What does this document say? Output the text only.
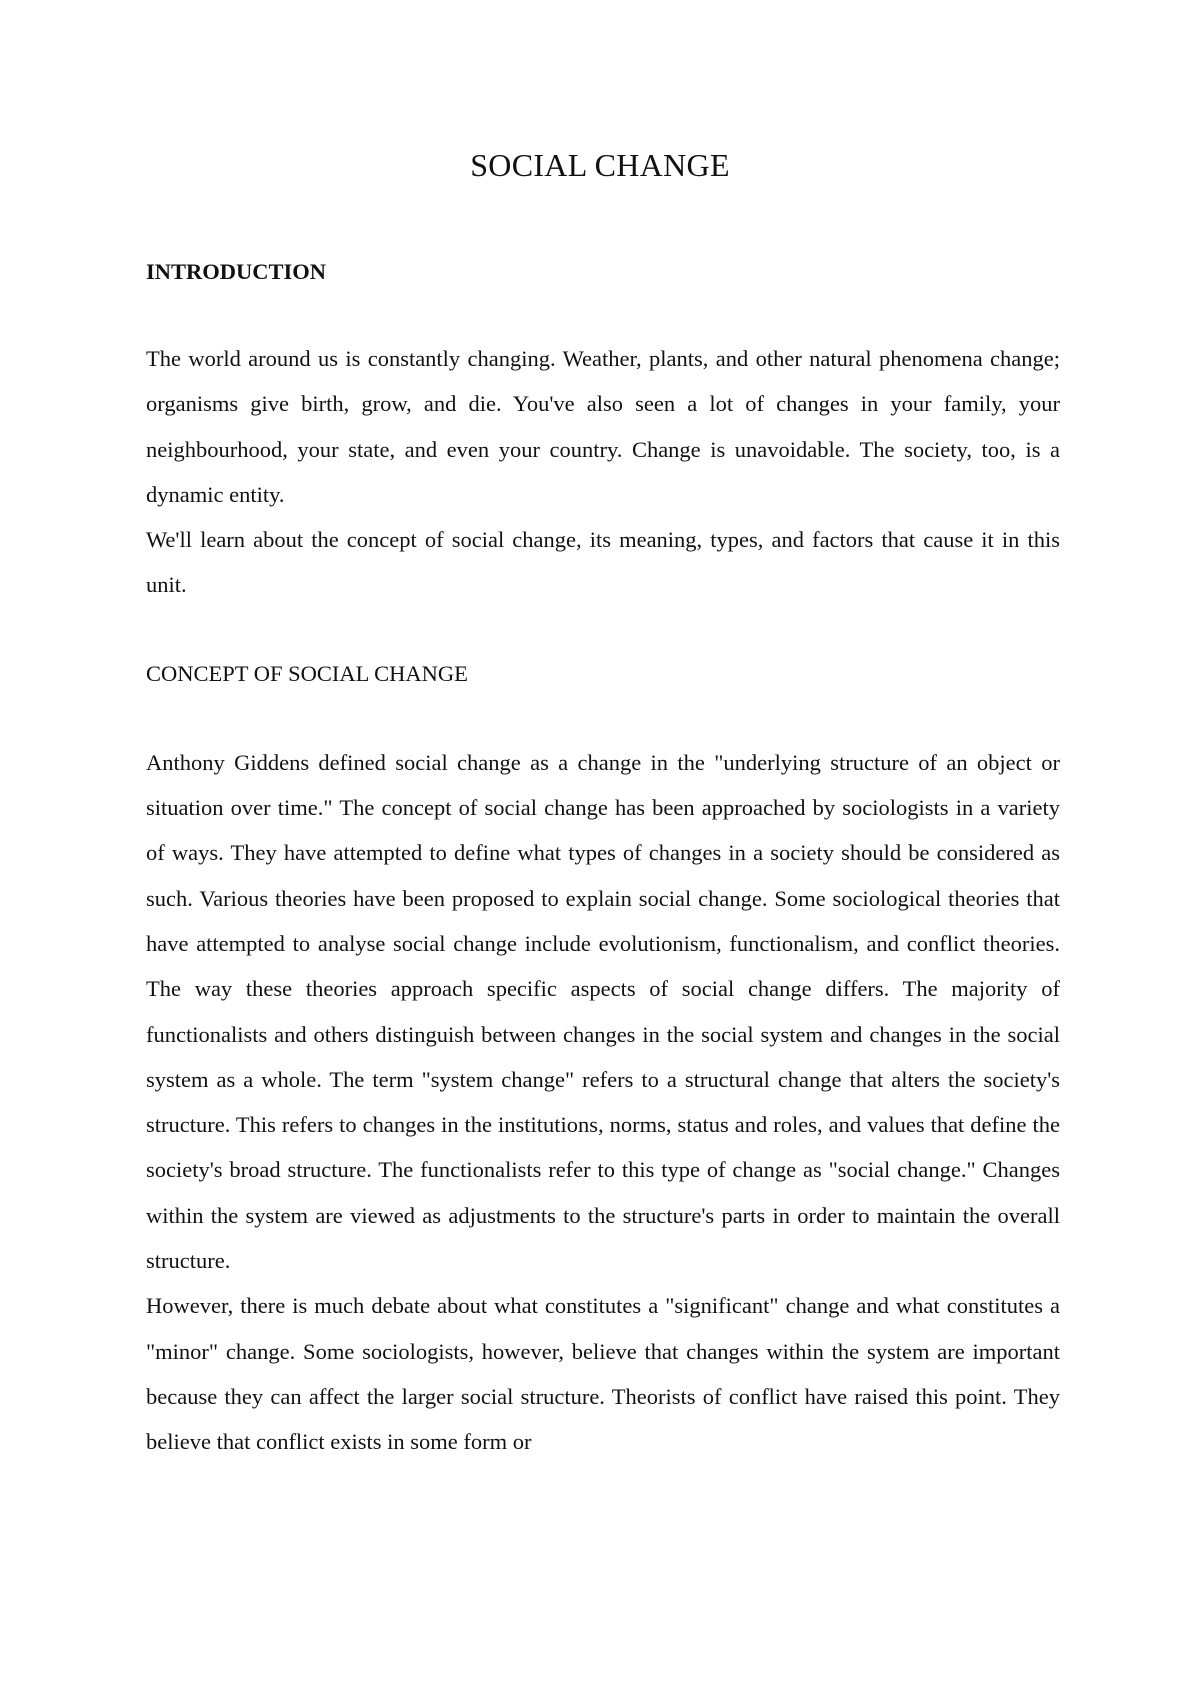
SOCIAL CHANGE
INTRODUCTION

The world around us is constantly changing. Weather, plants, and other natural phenomena change; organisms give birth, grow, and die. You've also seen a lot of changes in your family, your neighbourhood, your state, and even your country. Change is unavoidable. The society, too, is a dynamic entity.

We'll learn about the concept of social change, its meaning, types, and factors that cause it in this unit.

CONCEPT OF SOCIAL CHANGE

Anthony Giddens defined social change as a change in the "underlying structure of an object or situation over time." The concept of social change has been approached by sociologists in a variety of ways. They have attempted to define what types of changes in a society should be considered as such. Various theories have been proposed to explain social change. Some sociological theories that have attempted to analyse social change include evolutionism, functionalism, and conflict theories. The way these theories approach specific aspects of social change differs. The majority of functionalists and others distinguish between changes in the social system and changes in the social system as a whole. The term "system change" refers to a structural change that alters the society's structure. This refers to changes in the institutions, norms, status and roles, and values that define the society's broad structure. The functionalists refer to this type of change as "social change." Changes within the system are viewed as adjustments to the structure's parts in order to maintain the overall structure.

However, there is much debate about what constitutes a "significant" change and what constitutes a "minor" change. Some sociologists, however, believe that changes within the system are important because they can affect the larger social structure. Theorists of conflict have raised this point. They believe that conflict exists in some form or
